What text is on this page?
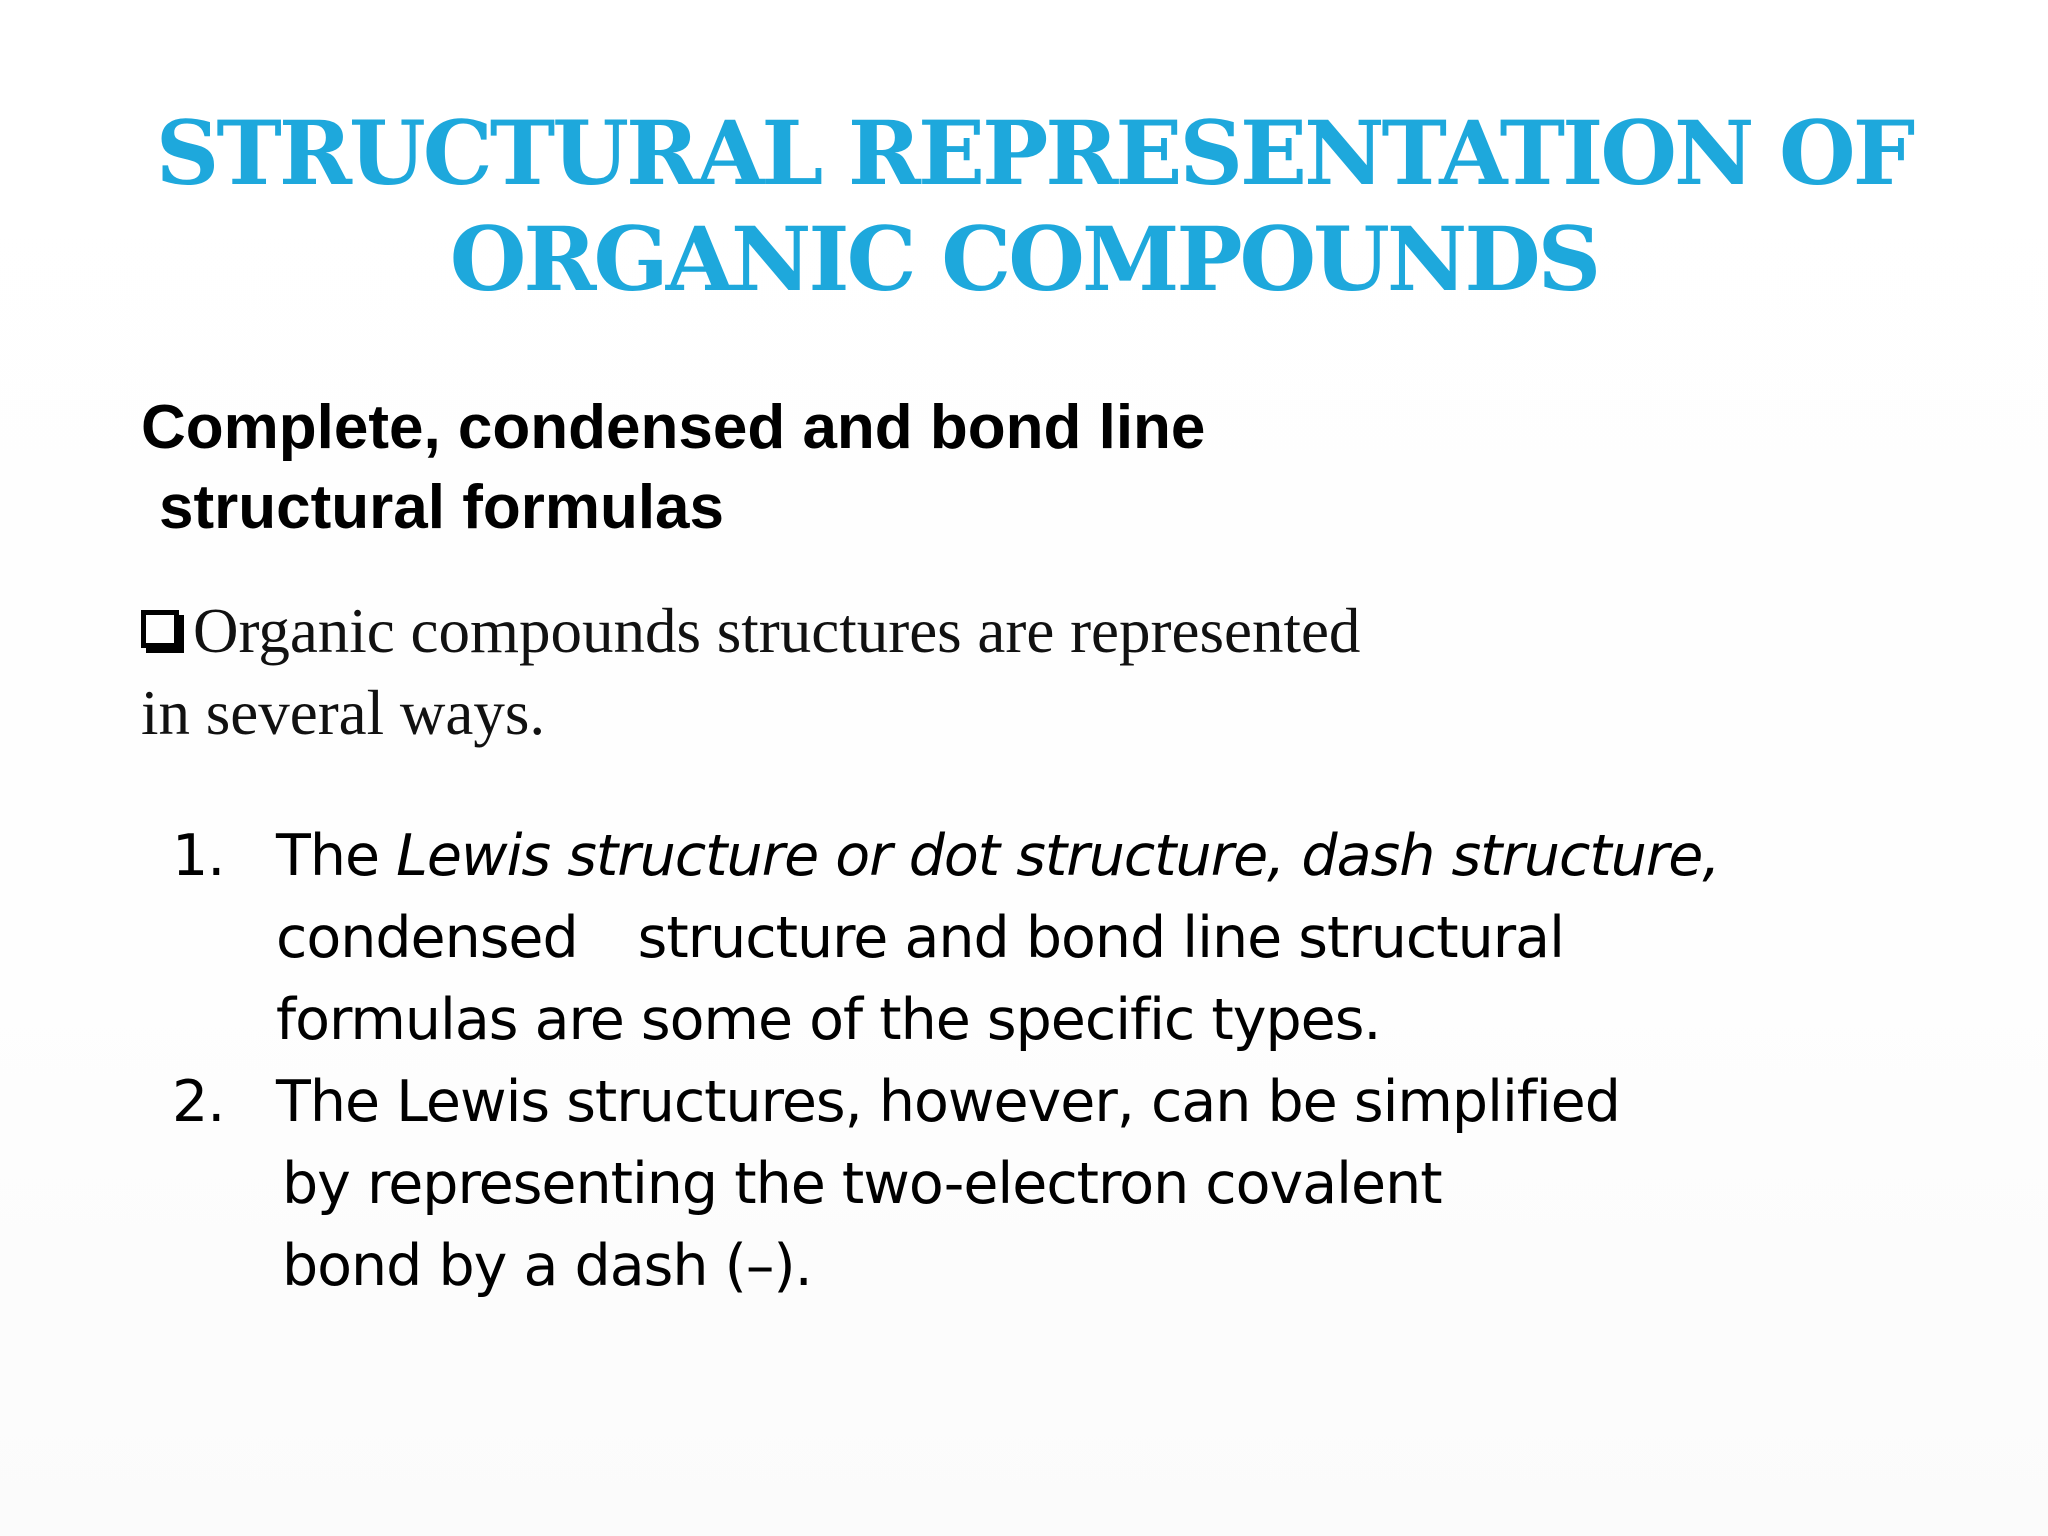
STRUCTURAL REPRESENTATION OF
ORGANIC COMPOUNDS
Complete, condensed and bond line
structural formulas

Organic compounds structures are represented
in several ways.

1. The Lewis structure or dot structure, dash structure,
condensed structure and bond line structural
formulas are some of the specific types.
2. The Lewis structures, however, can be simplified
by representing the two-electron covalent
bond by a dash (–).
